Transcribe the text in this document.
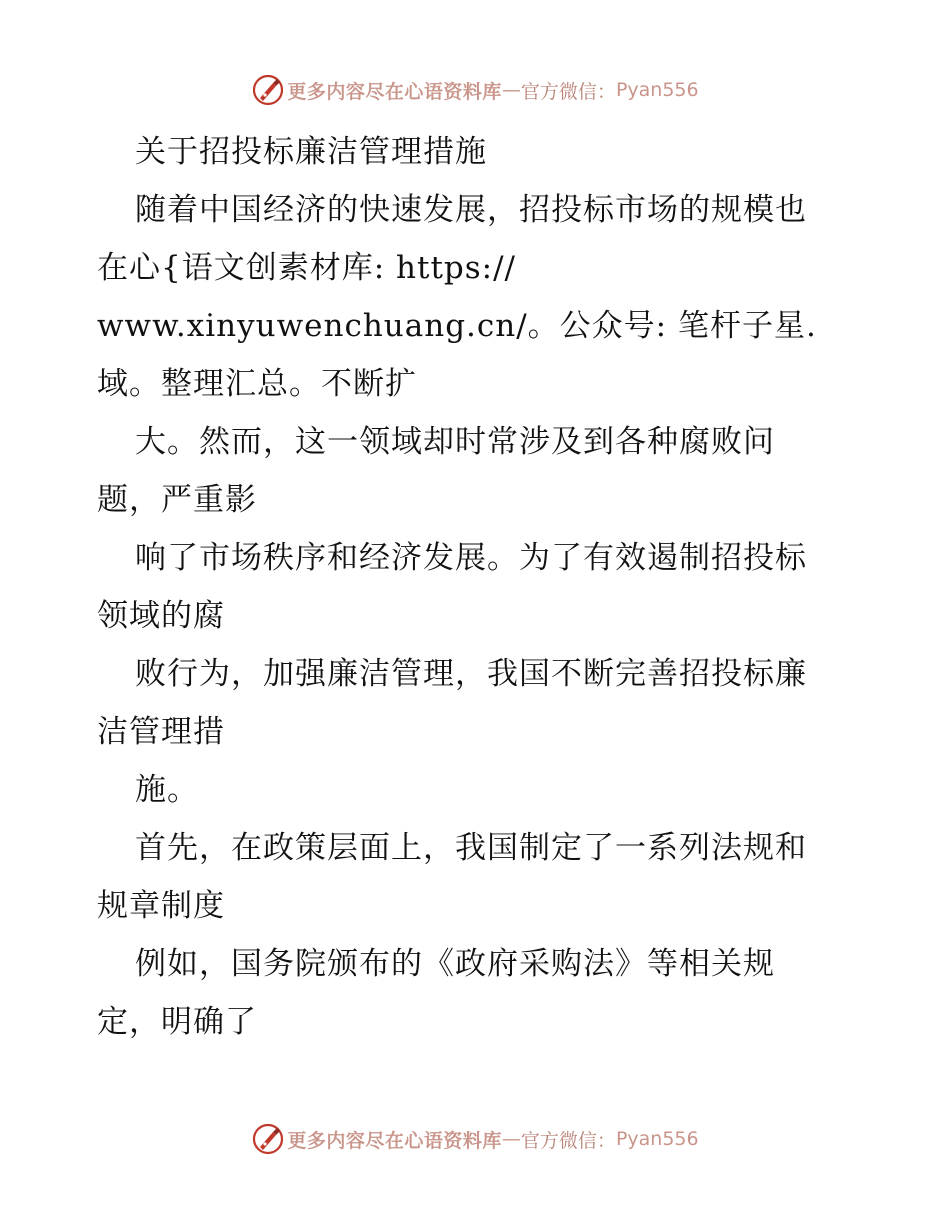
更多内容尽在心语资料库 — 官方微信： Pyan556
关于招投标廉洁管理措施
随着中国经济的快速发展，招投标市场的规模也
在心{语文创素材库: https://
www.xinyuwenchuang.cn/。公众号: 笔杆子星.
域。整理汇总。不断扩
大。然而，这一领域却时常涉及到各种腐败问
题，严重影
响了市场秩序和经济发展。为了有效遏制招投标
领域的腐
败行为，加强廉洁管理，我国不断完善招投标廉
洁管理措
施。
首先，在政策层面上，我国制定了一系列法规和
规章制度
例如，国务院颁布的《政府采购法》等相关规
定，明确了
更多内容尽在心语资料库 — 官方微信： Pyan556
